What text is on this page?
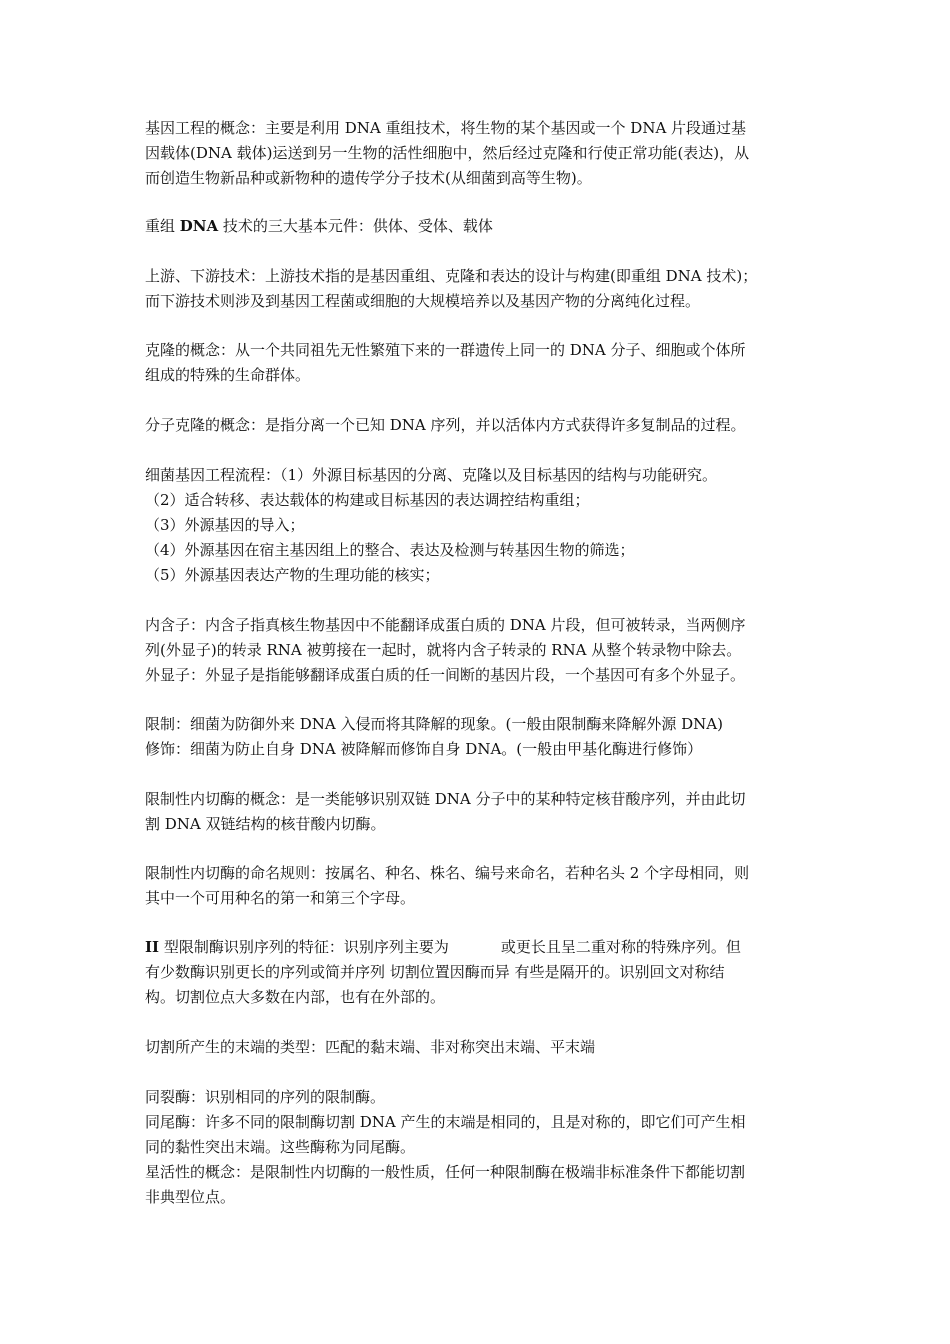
基因工程的概念：主要是利用 DNA 重组技术，将生物的某个基因或一个 DNA 片段通过基
因载体(DNA 载体)运送到另一生物的活性细胞中，然后经过克隆和行使正常功能(表达)，从
而创造生物新品种或新物种的遗传学分子技术(从细菌到高等生物)。
重组 DNA 技术的三大基本元件：供体、受体、载体
上游、下游技术：上游技术指的是基因重组、克隆和表达的设计与构建(即重组 DNA 技术)；
而下游技术则涉及到基因工程菌或细胞的大规模培养以及基因产物的分离纯化过程。
克隆的概念：从一个共同祖先无性繁殖下来的一群遗传上同一的 DNA 分子、细胞或个体所
组成的特殊的生命群体。
分子克隆的概念：是指分离一个已知 DNA 序列，并以活体内方式获得许多复制品的过程。
细菌基因工程流程：（1）外源目标基因的分离、克隆以及目标基因的结构与功能研究。
（2）适合转移、表达载体的构建或目标基因的表达调控结构重组；
（3）外源基因的导入；
（4）外源基因在宿主基因组上的整合、表达及检测与转基因生物的筛选；
（5）外源基因表达产物的生理功能的核实；
内含子：内含子指真核生物基因中不能翻译成蛋白质的 DNA 片段，但可被转录，当两侧序
列(外显子)的转录 RNA 被剪接在一起时，就将内含子转录的 RNA 从整个转录物中除去。
外显子：外显子是指能够翻译成蛋白质的任一间断的基因片段，一个基因可有多个外显子。
限制：细菌为防御外来 DNA 入侵而将其降解的现象。(一般由限制酶来降解外源 DNA)
修饰：细菌为防止自身 DNA 被降解而修饰自身 DNA。(一般由甲基化酶进行修饰）
限制性内切酶的概念：是一类能够识别双链 DNA 分子中的某种特定核苷酸序列，并由此切
割 DNA 双链结构的核苷酸内切酶。
限制性内切酶的命名规则：按属名、种名、株名、编号来命名，若种名头 2 个字母相同，则
其中一个可用种名的第一和第三个字母。
II 型限制酶识别序列的特征：识别序列主要为	或更长且呈二重对称的特殊序列。但
有少数酶识别更长的序列或简并序列 切割位置因酶而异 有些是隔开的。识别回文对称结
构。切割位点大多数在内部，也有在外部的。
切割所产生的末端的类型：匹配的黏末端、非对称突出末端、平末端
同裂酶：识别相同的序列的限制酶。
同尾酶：许多不同的限制酶切割 DNA 产生的末端是相同的，且是对称的，即它们可产生相
同的黏性突出末端。这些酶称为同尾酶。
星活性的概念：是限制性内切酶的一般性质，任何一种限制酶在极端非标准条件下都能切割
非典型位点。
